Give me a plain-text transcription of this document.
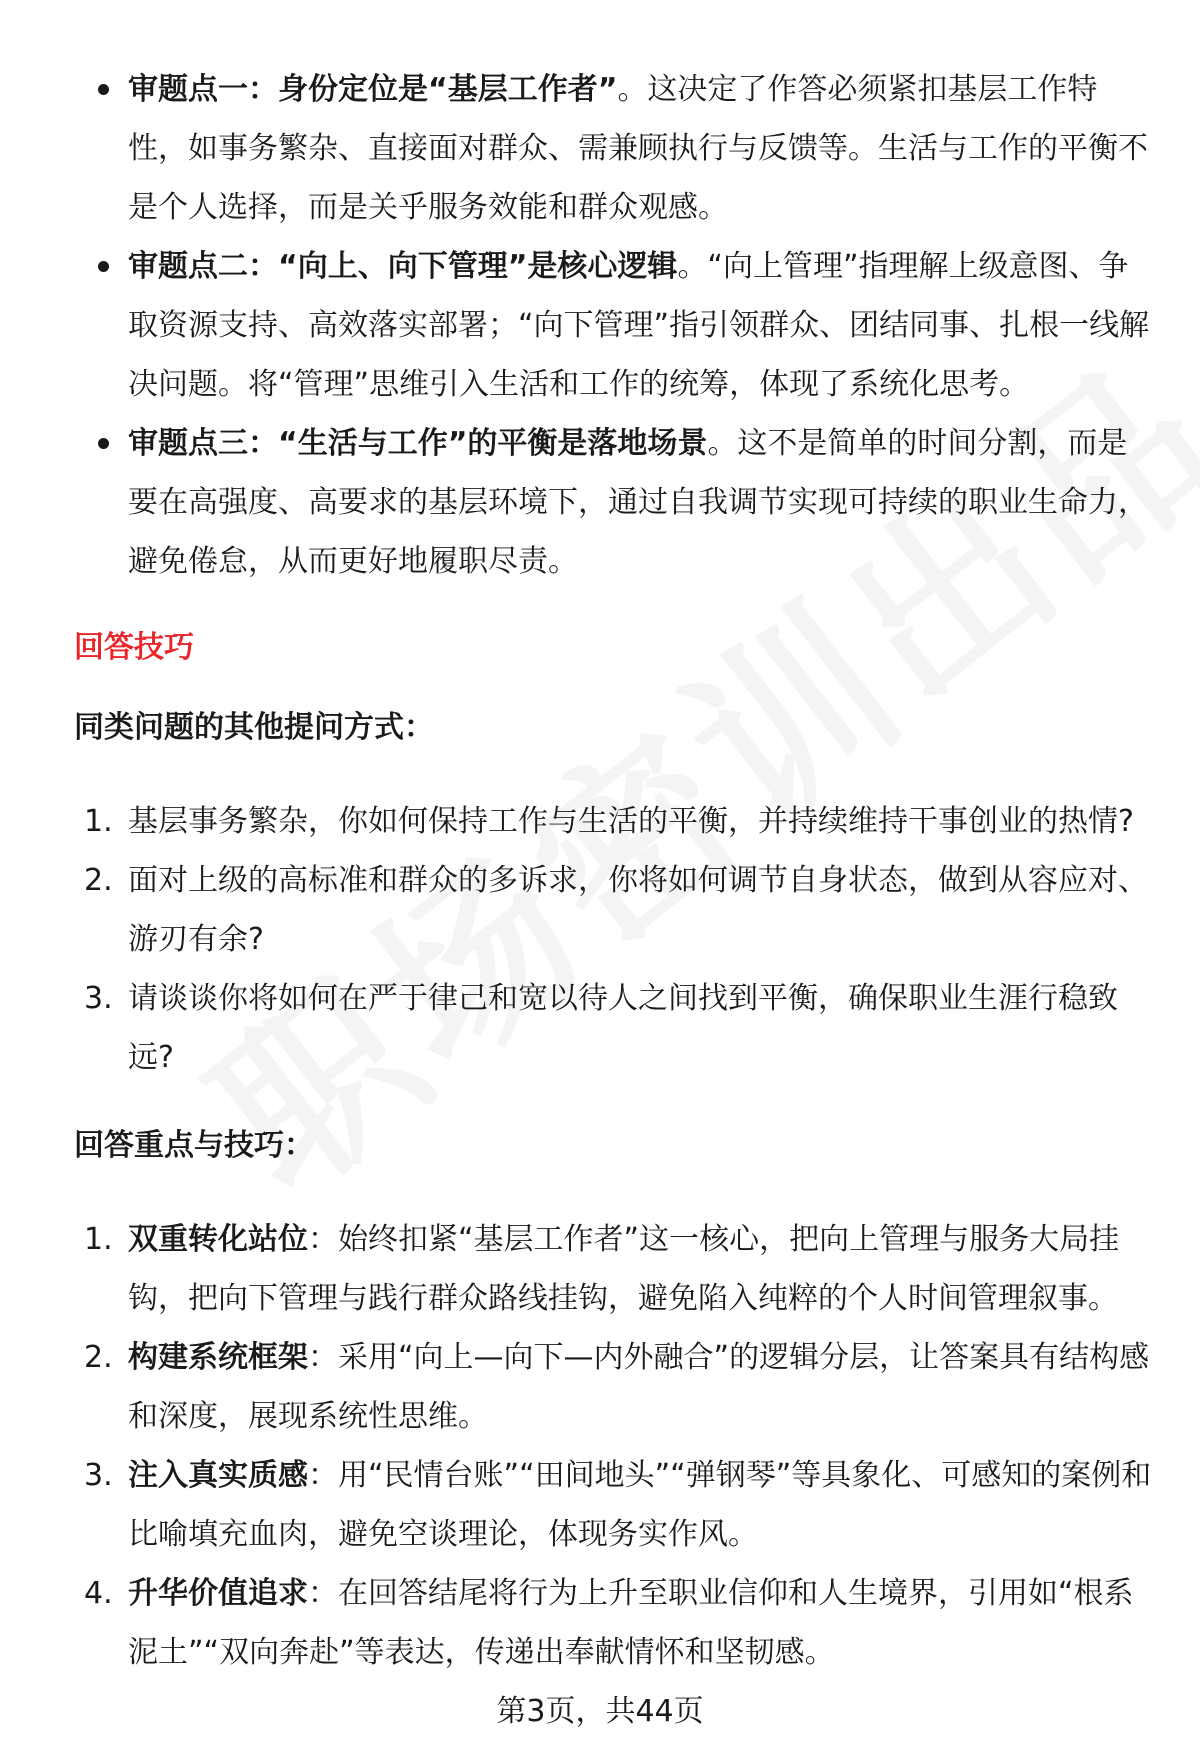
审题点一：身份定位是“基层工作者”。这决定了作答必须紧扣基层工作特性，如事务繁杂、直接面对群众、需兼顾执行与反馈等。生活与工作的平衡不是个人选择，而是关乎服务效能和群众观感。
审题点二：“向上、向下管理”是核心逻辑。“向上管理”指理解上级意图、争取资源支持、高效落实部署；“向下管理”指引领群众、团结同事、扎根一线解决问题。将“管理”思维引入生活和工作的统筹，体现了系统化思考。
审题点三：“生活与工作”的平衡是落地场景。这不是简单的时间分割，而是要在高强度、高要求的基层环境下，通过自我调节实现可持续的职业生命力，避免倦怠，从而更好地履职尽责。
回答技巧
同类问题的其他提问方式：
1. 基层事务繁杂，你如何保持工作与生活的平衡，并持续维持干事创业的热情?
2. 面对上级的高标准和群众的多诉求，你将如何调节自身状态，做到从容应对、游刃有余?
3. 请谈谈你将如何在严于律己和宽以待人之间找到平衡，确保职业生涯行稳致远?
回答重点与技巧：
1. 双重转化站位：始终扣紧“基层工作者”这一核心，把向上管理与服务大局挂钩，把向下管理与践行群众路线挂钩，避免陷入纯粹的个人时间管理叙事。
2. 构建系统框架：采用“向上—向下—内外融合”的逻辑分层，让答案具有结构感和深度，展现系统性思维。
3. 注入真实质感：用“民情台账”“田间地头”“弹钢琴”等具象化、可感知的案例和比喻填充血肉，避免空谈理论，体现务实作风。
4. 升华价值追求：在回答结尾将行为上升至职业信仰和人生境界，引用如“根系泥土”“双向奔赴”等表达，传递出奉献情怀和坚韧感。
第3页，共44页
